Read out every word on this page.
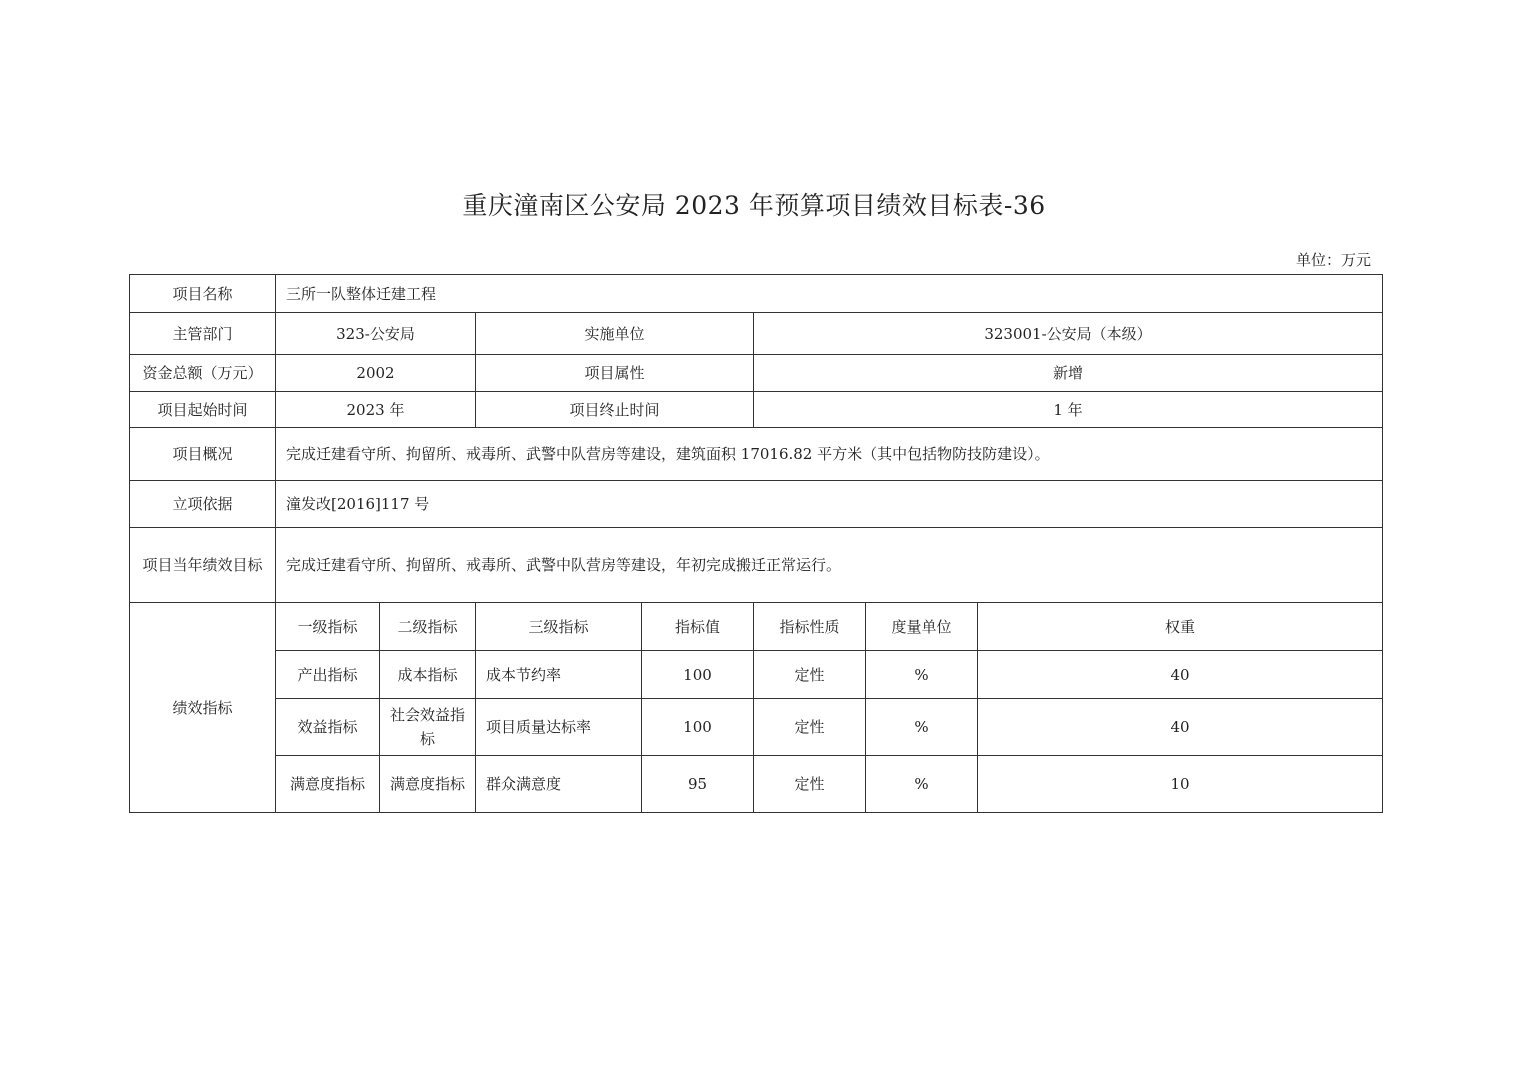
重庆潼南区公安局 2023 年预算项目绩效目标表-36
单位：万元
项目名称	三所一队整体迁建工程						
主管部门	323-公安局		实施单位		323001-公安局（本级）		
资金总额（万元）	2002		项目属性		新增		
项目起始时间	2023 年		项目终止时间		1 年		
项目概况	完成迁建看守所、拘留所、戒毒所、武警中队营房等建设，建筑面积 17016.82 平方米（其中包括物防技防建设）。						
立项依据	潼发改[2016]117 号						
项目当年绩效目标	完成迁建看守所、拘留所、戒毒所、武警中队营房等建设，年初完成搬迁正常运行。						
绩效指标	一级指标	二级指标	三级指标	指标值	指标性质	度量单位	权重
	产出指标	成本指标	成本节约率	100	定性	%	40
	效益指标	社会效益指标	项目质量达标率	100	定性	%	40
	满意度指标	满意度指标	群众满意度	95	定性	%	10
